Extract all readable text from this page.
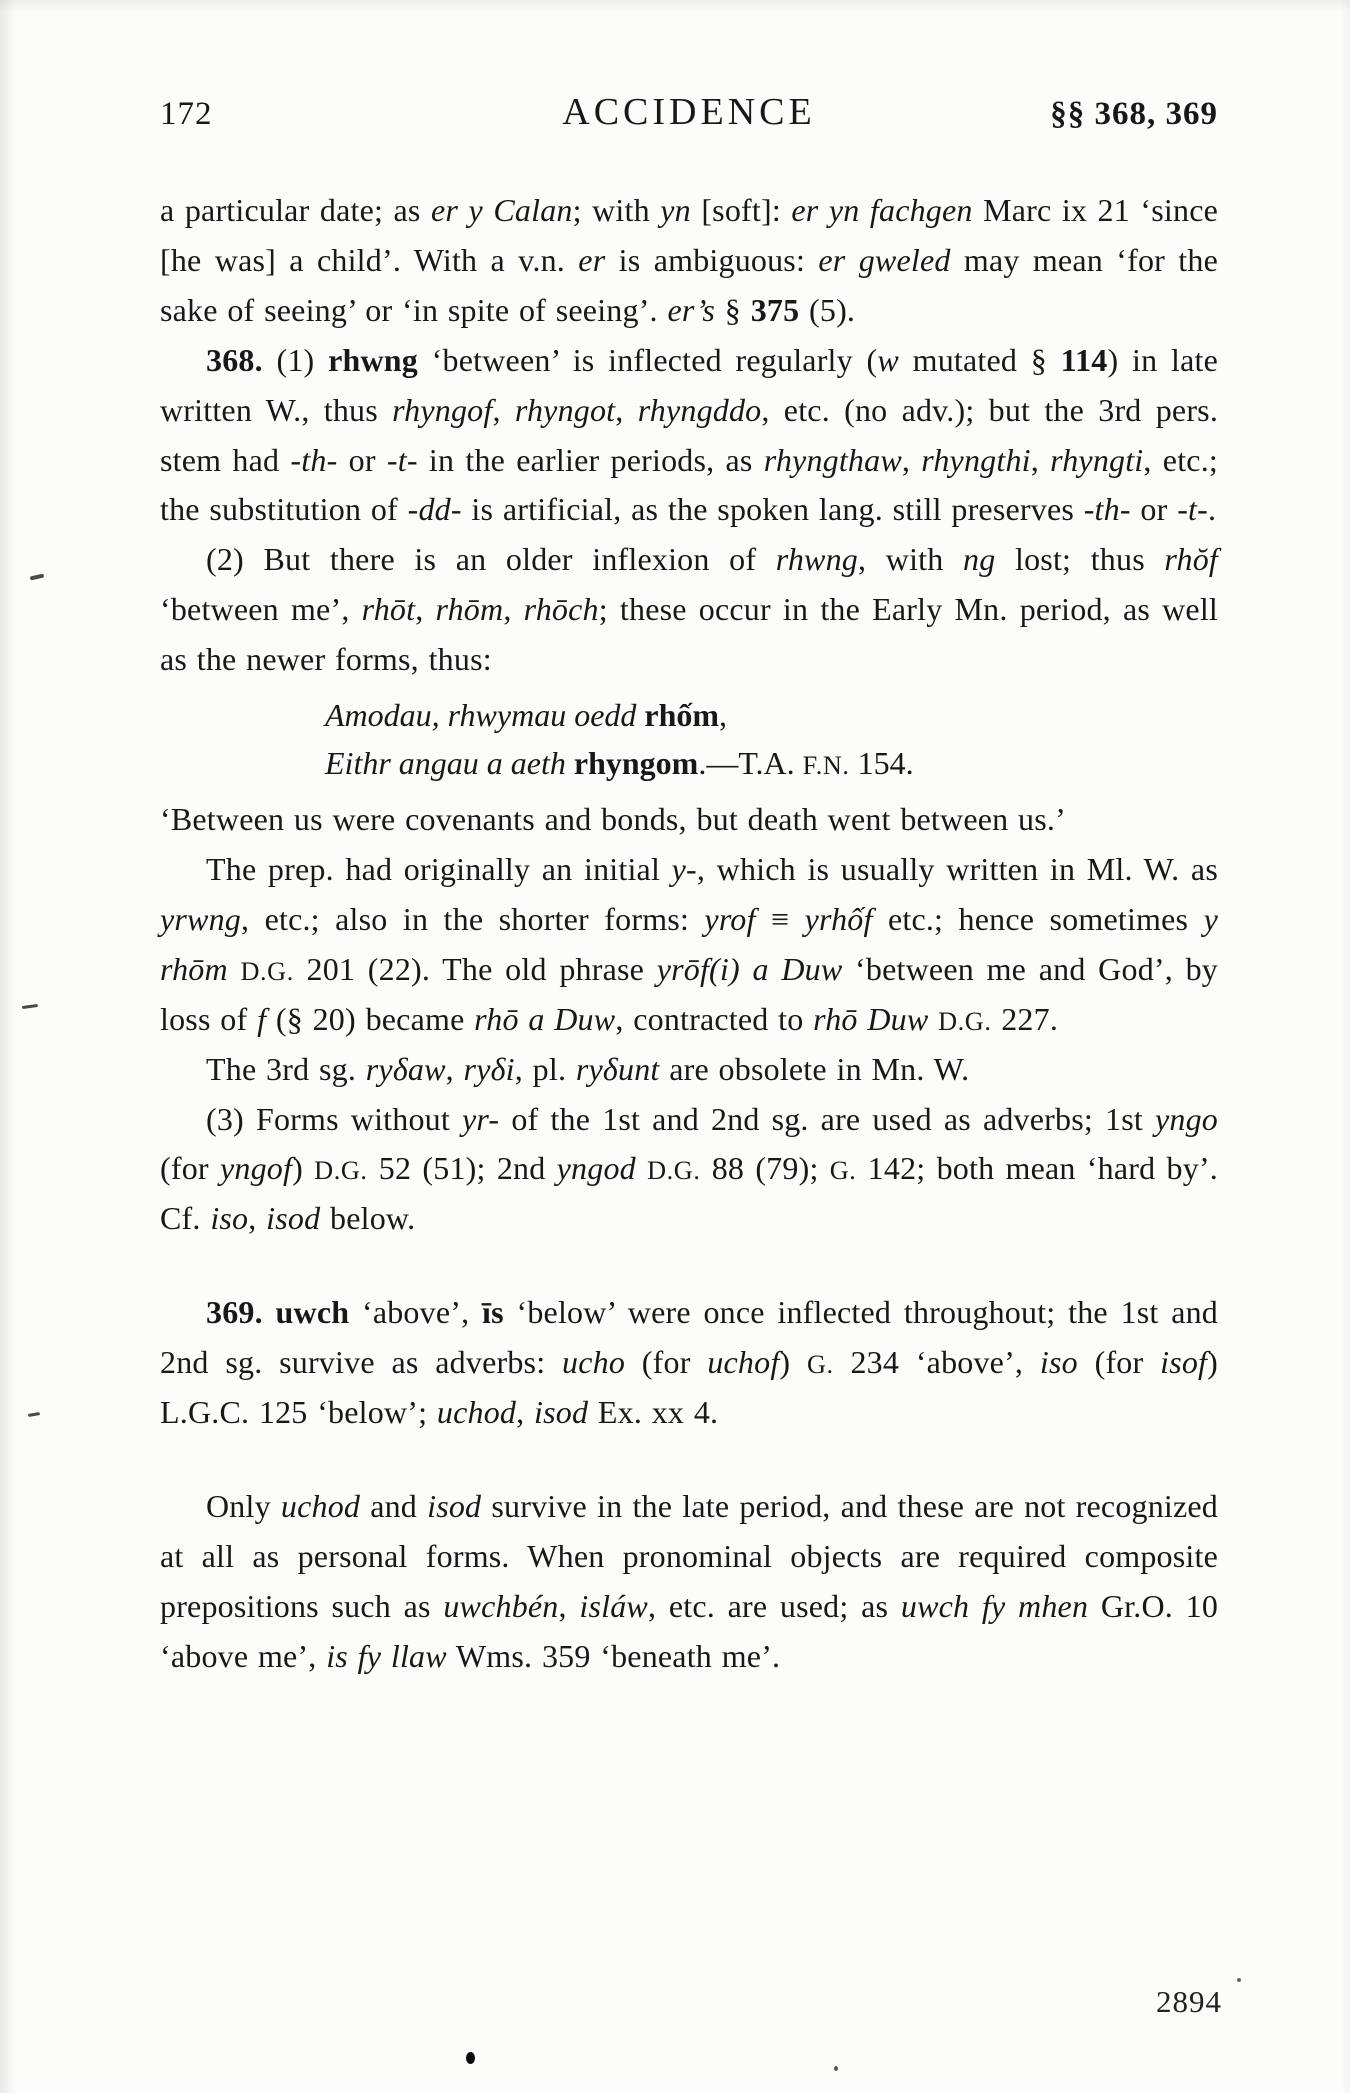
172	ACCIDENCE	§§ 368, 369

a particular date; as er y Calan; with yn [soft]: er yn fachgen Marc ix 21 ‘since [he was] a child’. With a v.n. er is ambiguous: er gweled may mean ‘for the sake of seeing’ or ‘in spite of seeing’. er’s § 375 (5).

368. (1) rhwng ‘between’ is inflected regularly (w mutated § 114) in late written W., thus rhyngof, rhyngot, rhyngddo, etc. (no adv.); but the 3rd pers. stem had -th- or -t- in the earlier periods, as rhyngthaw, rhyngthi, rhyngti, etc.; the substitution of -dd- is artificial, as the spoken lang. still preserves -th- or -t-.

(2) But there is an older inflexion of rhwng, with ng lost; thus rhŏf ‘between me’, rhōt, rhōm, rhōch; these occur in the Early Mn. period, as well as the newer forms, thus:

Amodau, rhwymau oedd rhốm,
Eithr angau a aeth rhyngom.—T.A. F.N. 154.

‘Between us were covenants and bonds, but death went between us.’

The prep. had originally an initial y-, which is usually written in Ml. W. as yrwng, etc.; also in the shorter forms: yrof ≡ yrhốf etc.; hence sometimes y rhōm D.G. 201 (22). The old phrase yrōf(i) a Duw ‘between me and God’, by loss of f (§ 20) became rhō a Duw, contracted to rhō Duw D.G. 227.

The 3rd sg. ryδaw, ryδi, pl. ryδunt are obsolete in Mn. W.

(3) Forms without yr- of the 1st and 2nd sg. are used as adverbs; 1st yngo (for yngof) D.G. 52 (51); 2nd yngod D.G. 88 (79); G. 142; both mean ‘hard by’. Cf. iso, isod below.

369. uwch ‘above’, īs ‘below’ were once inflected throughout; the 1st and 2nd sg. survive as adverbs: ucho (for uchof) G. 234 ‘above’, iso (for isof) L.G.C. 125 ‘below’; uchod, isod Ex. xx 4.

Only uchod and isod survive in the late period, and these are not recognized at all as personal forms. When pronominal objects are required composite prepositions such as uwchbén, isláw, etc. are used; as uwch fy mhen Gr.O. 10 ‘above me’, is fy llaw Wms. 359 ‘beneath me’.

2894
